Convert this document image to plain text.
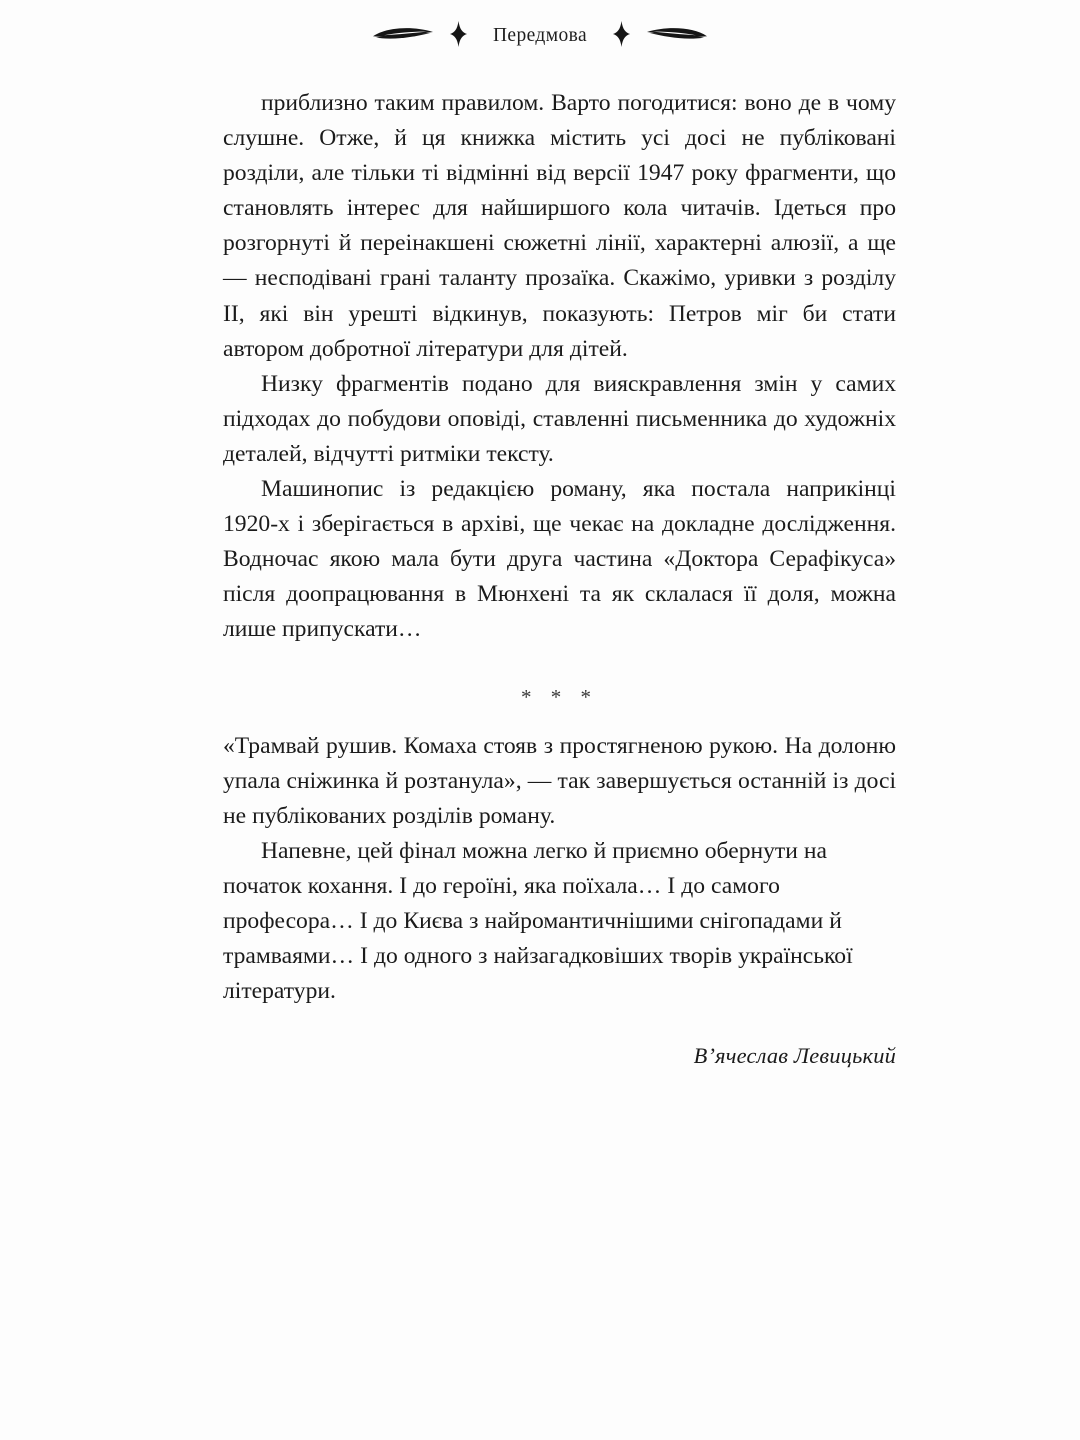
Передмова

приблизно таким правилом. Варто погодитися: воно де в чому слушне. Отже, й ця книжка містить усі досі не публіковані розділи, але тільки ті відмінні від версії 1947 року фрагменти, що становлять інтерес для найширшого кола читачів. Ідеться про розгорнуті й переінакшені сюжетні лінії, характерні алюзії, а ще — несподівані грані таланту прозаїка. Скажімо, уривки з розділу II, які він урешті відкинув, показують: Петров міг би стати автором добротної літератури для дітей.

Низку фрагментів подано для вияскравлення змін у самих підходах до побудови оповіді, ставленні письменника до художніх деталей, відчутті ритміки тексту.

Машинопис із редакцією роману, яка постала наприкінці 1920-х і зберігається в архіві, ще чекає на докладне дослідження. Водночас якою мала бути друга частина «Доктора Серафікуса» після доопрацювання в Мюнхені та як склалася її доля, можна лише припускати…

* * *

«Трамвай рушив. Комаха стояв з простягненою рукою. На долоню упала сніжинка й розтанула», — так завершується останній із досі не публікованих розділів роману.

Напевне, цей фінал можна легко й приємно обернути на початок кохання. І до героїні, яка поїхала… І до самого професора… І до Києва з найромантичнішими снігопадами й трамваями… І до одного з найзагадковіших творів української літератури.

В’ячеслав Левицький
